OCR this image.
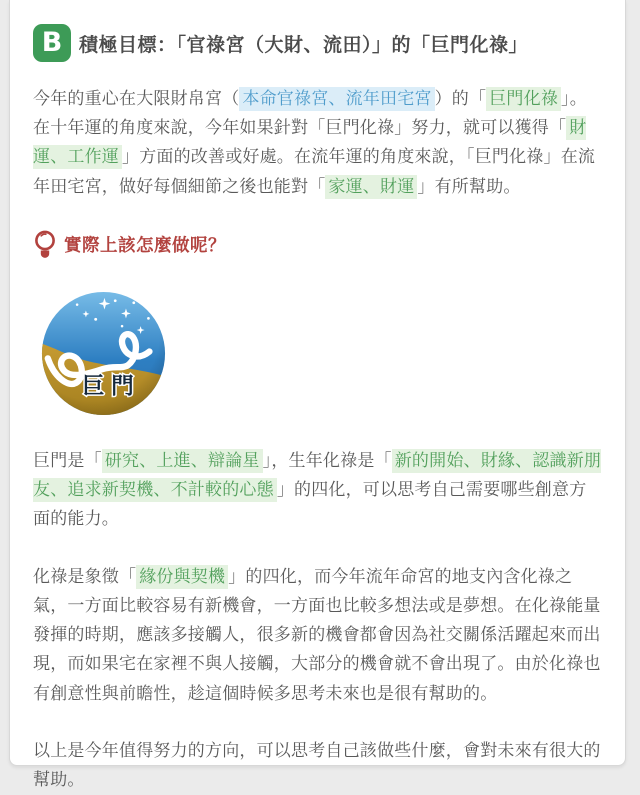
B 積極目標：「官祿宮（大財、流田）」的「巨門化祿」

今年的重心在大限財帛宮（ 本命官祿宮、流年田宅宮 ）的「 巨門化祿 」。在十年運的角度來說，今年如果針對「巨門化祿」努力，就可以獲得「 財運、工作運 」方面的改善或好處。在流年運的角度來說，「巨門化祿」在流年田宅宮，做好每個細節之後也能對「 家運、財運 」有所幫助。

實際上該怎麼做呢？

巨門是「 研究、上進、辯論星 」，生年化祿是「 新的開始、財緣、認識新朋友、追求新契機、不計較的心態 」的四化，可以思考自己需要哪些創意方面的能力。

化祿是象徵「 緣份與契機 」的四化，而今年流年命宮的地支內含化祿之氣，一方面比較容易有新機會，一方面也比較多想法或是夢想。在化祿能量發揮的時期，應該多接觸人，很多新的機會都會因為社交關係活躍起來而出現，而如果宅在家裡不與人接觸，大部分的機會就不會出現了。由於化祿也有創意性與前瞻性，趁這個時候多思考未來也是很有幫助的。

以上是今年值得努力的方向，可以思考自己該做些什麼，會對未來有很大的幫助。
